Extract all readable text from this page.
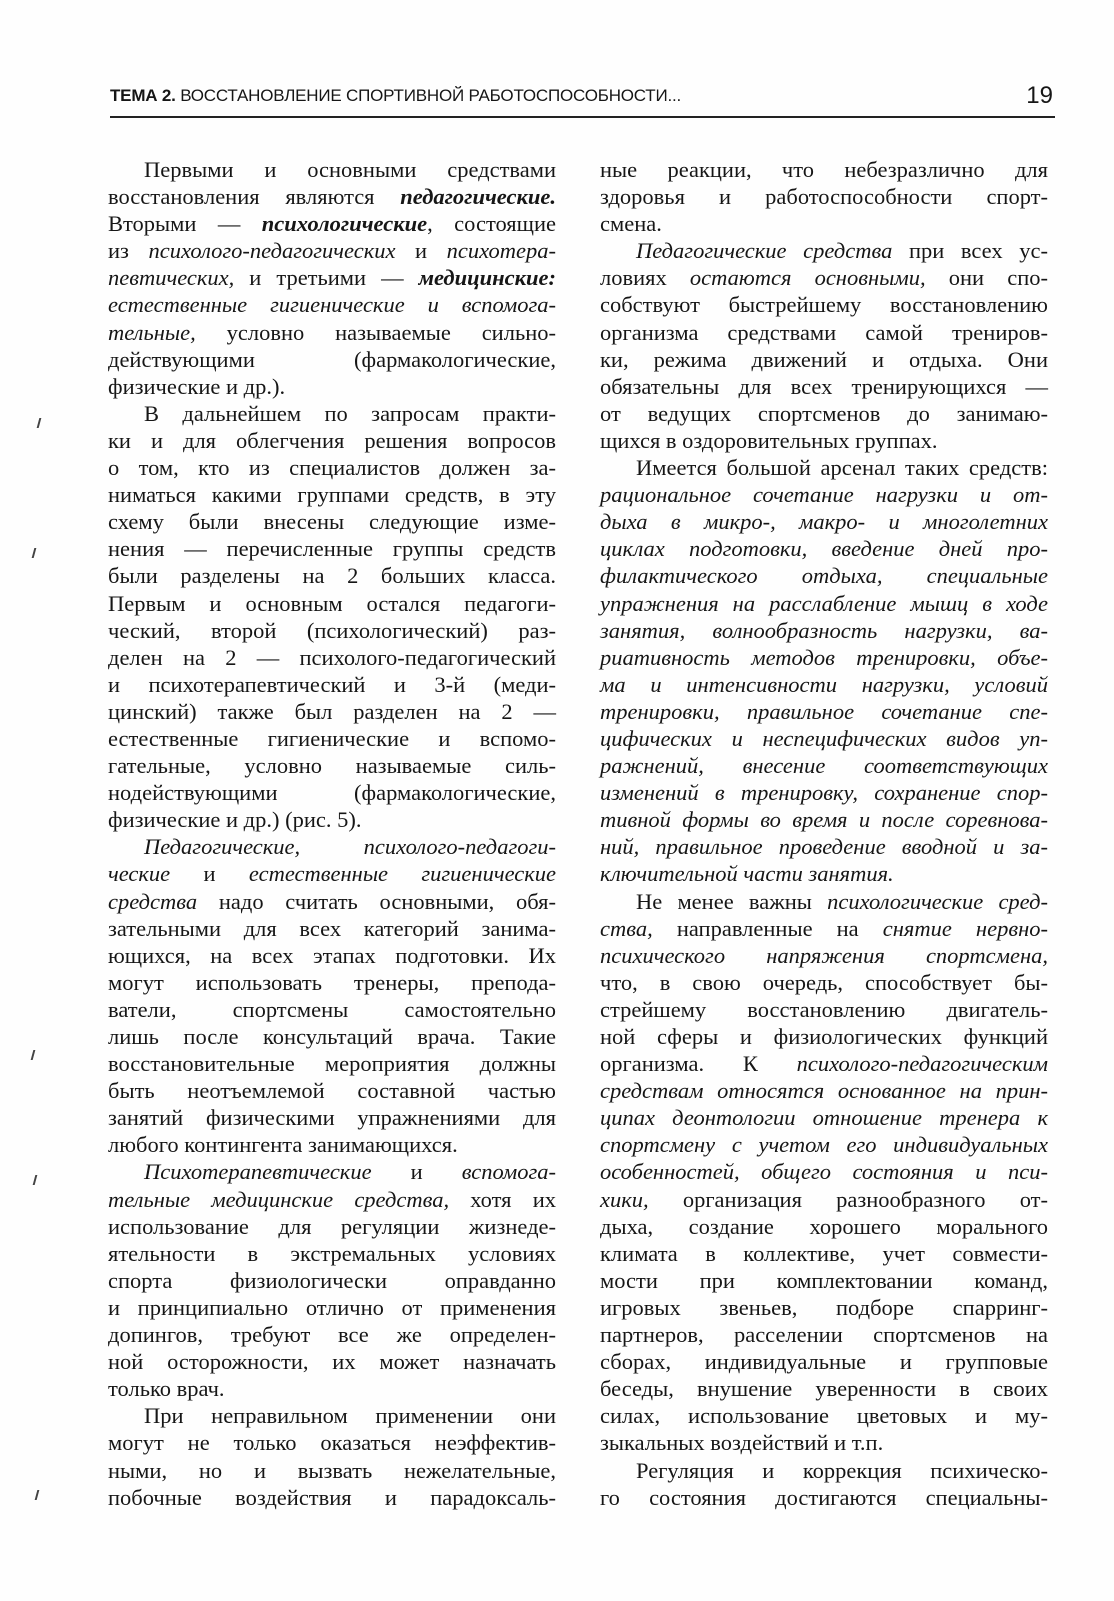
ТЕМА 2. ВОССТАНОВЛЕНИЕ СПОРТИВНОЙ РАБОТОСПОСОБНОСТИ...	19
Первыми и основными средствами
восстановления являются педагогические.
Вторыми — психологические, состоящие
из психолого-педагогических и психотера-
певтических, и третьими — медицинские:
естественные гигиенические и вспомога-
тельные, условно называемые сильно-
действующими (фармакологические,
физические и др.).
В дальнейшем по запросам практи-
ки и для облегчения решения вопросов
о том, кто из специалистов должен за-
ниматься какими группами средств, в эту
схему были внесены следующие изме-
нения — перечисленные группы средств
были разделены на 2 больших класса.
Первым и основным остался педагоги-
ческий, второй (психологический) раз-
делен на 2 — психолого-педагогический
и психотерапевтический и 3-й (меди-
цинский) также был разделен на 2 —
естественные гигиенические и вспомо-
гательные, условно называемые силь-
нодействующими (фармакологические,
физические и др.) (рис. 5).
Педагогические, психолого-педагоги-
ческие и естественные гигиенические
средства надо считать основными, обя-
зательными для всех категорий занима-
ющихся, на всех этапах подготовки. Их
могут использовать тренеры, препода-
ватели, спортсмены самостоятельно
лишь после консультаций врача. Такие
восстановительные мероприятия должны
быть неотъемлемой составной частью
занятий физическими упражнениями для
любого контингента занимающихся.
Психотерапевтические и вспомога-
тельные медицинские средства, хотя их
использование для регуляции жизнеде-
ятельности в экстремальных условиях
спорта физиологически оправданно
и принципиально отлично от применения
допингов, требуют все же определен-
ной осторожности, их может назначать
только врач.
При неправильном применении они
могут не только оказаться неэффектив-
ными, но и вызвать нежелательные,
побочные воздействия и парадоксаль-
ные реакции, что небезразлично для
здоровья и работоспособности спорт-
смена.
Педагогические средства при всех ус-
ловиях остаются основными, они спо-
собствуют быстрейшему восстановлению
организма средствами самой трениров-
ки, режима движений и отдыха. Они
обязательны для всех тренирующихся —
от ведущих спортсменов до занимаю-
щихся в оздоровительных группах.
Имеется большой арсенал таких средств:
рациональное сочетание нагрузки и от-
дыха в микро-, макро- и многолетних
циклах подготовки, введение дней про-
филактического отдыха, специальные
упражнения на расслабление мышц в ходе
занятия, волнообразность нагрузки, ва-
риативность методов тренировки, объе-
ма и интенсивности нагрузки, условий
тренировки, правильное сочетание спе-
цифических и неспецифических видов уп-
ражнений, внесение соответствующих
изменений в тренировку, сохранение спор-
тивной формы во время и после соревнова-
ний, правильное проведение вводной и за-
ключительной части занятия.
Не менее важны психологические сред-
ства, направленные на снятие нервно-
психического напряжения спортсмена,
что, в свою очередь, способствует бы-
стрейшему восстановлению двигатель-
ной сферы и физиологических функций
организма. К психолого-педагогическим
средствам относятся основанное на прин-
ципах деонтологии отношение тренера к
спортсмену с учетом его индивидуальных
особенностей, общего состояния и пси-
хики, организация разнообразного от-
дыха, создание хорошего морального
климата в коллективе, учет совмести-
мости при комплектовании команд,
игровых звеньев, подборе спарринг-
партнеров, расселении спортсменов на
сборах, индивидуальные и групповые
беседы, внушение уверенности в своих
силах, использование цветовых и му-
зыкальных воздействий и т.п.
Регуляция и коррекция психическо-
го состояния достигаются специальны-
